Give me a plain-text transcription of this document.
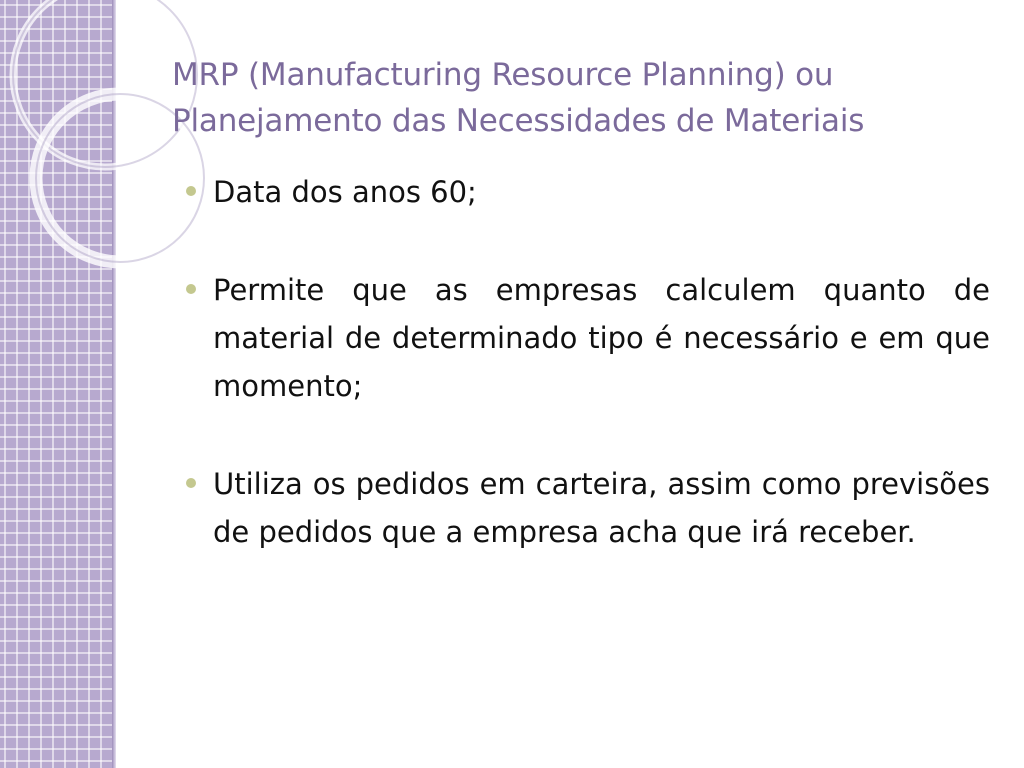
MRP (Manufacturing Resource Planning) ou
Planejamento das Necessidades de Materiais
Data dos anos 60;
Permite que as empresas calculem quanto de material de determinado tipo é necessário e em que momento;
Utiliza os pedidos em carteira, assim como previsões de pedidos que a empresa acha que irá receber.
